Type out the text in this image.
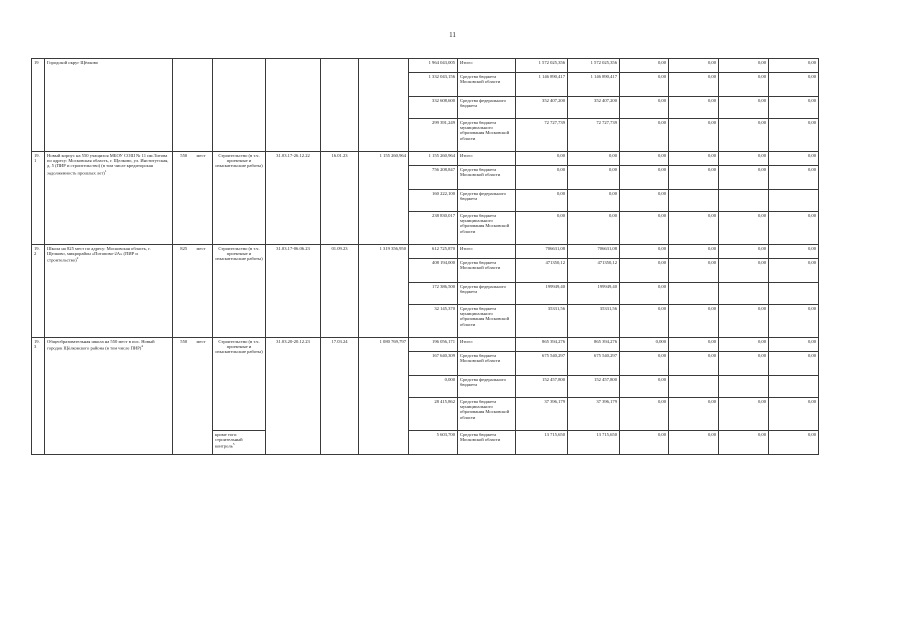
11
19	Городской округ Щёлково							1 964 043,005	Итого:	1 572 025,356	1 572 025,356	0,00	0,00	0,00	0,00
								1 332 043,156	Средства бюджета Московской области	1 146 890,417	1 146 890,417	0,00	0,00	0,00	0,00
								332 608,600	Средства федерального бюджета	352 407,200	352 407,200	0,00	0,00	0,00	0,00
								299 391,249	Средства бюджета муниципального образования Московской области	72 727,739	72 727,739	0,00	0,00	0,00	0,00
19.1	Новый корпус на 550 учащихся МБОУ СОШ № 11 им.Титова по адресу: Московская область, г. Щелково, ул. Институтская, д. 5 (ПИР и строительство) (в том числе кредиторская задолженность прошлых лет)$^1$	550	мест	Строительство (в т.ч. проектные и изыскательские работы)	31.03.17-26.12.22	16.01.23	1 155 260,964	1 155 260,964	Итого:	0,00	0,00	0,00	0,00	0,00	0,00
								756 208,847	Средства бюджета Московской области	0,00	0,00	0,00	0,00	0,00	0,00
								160 222,100	Средства федерального бюджета	0,00	0,00	0,00			
								238 830,017	Средства бюджета муниципального образования Московской области	0,00	0,00	0,00	0,00	0,00	0,00
19.2	Школа на 825 мест по адресу: Московская область, г. Щелково, микрорайон «Потапово-2А» (ПИР и строительство)$^2$	825	мест	Строительство (в т.ч. проектные и изыскательские работы)	31.03.17-06.06.23	01.09.23	1 319 356,950	612 725,870	Итого:	706631,08	706631,08	0,00	0,00	0,00	0,00
								408 194,000	Средства бюджета Московской области	471350,12	471350,12	0,00	0,00	0,00	0,00
								172 386,500	Средства федерального бюджета	199949,40	199949,40	0,00			
								32 145,370	Средства бюджета муниципального образования Московской области	35331,56	35331,56	0,00	0,00	0,00	0,00
19.3	Общеобразовательная школа на 550 мест в пос. Новый городок Щёлковского района (в том числе ПИР)$^4$	550	мест	Строительство (в т.ч. проектные и изыскательские работы)	31.03.20-20.12.23	17.03.24	1 080 769,797	196 056,171	Итого:	865 394,276	865 394,276	0,000	0,00	0,00	0,00
								167 640,309	Средства бюджета Московской области	675 540,297	675 540,297	0,00	0,00	0,00	0,00
								0,000	Средства федерального бюджета	152 457,800	152 457,800	0,00			
								28 415,862	Средства бюджета муниципального образования Московской области	37 396,179	37 396,179	0,00	0,00	0,00	0,00
				кроме того: строительный контроль$^5$				5 603,700	Средства бюджета Московской области	13 715,650	13 715,650	0,00	0,00	0,00	0,00
